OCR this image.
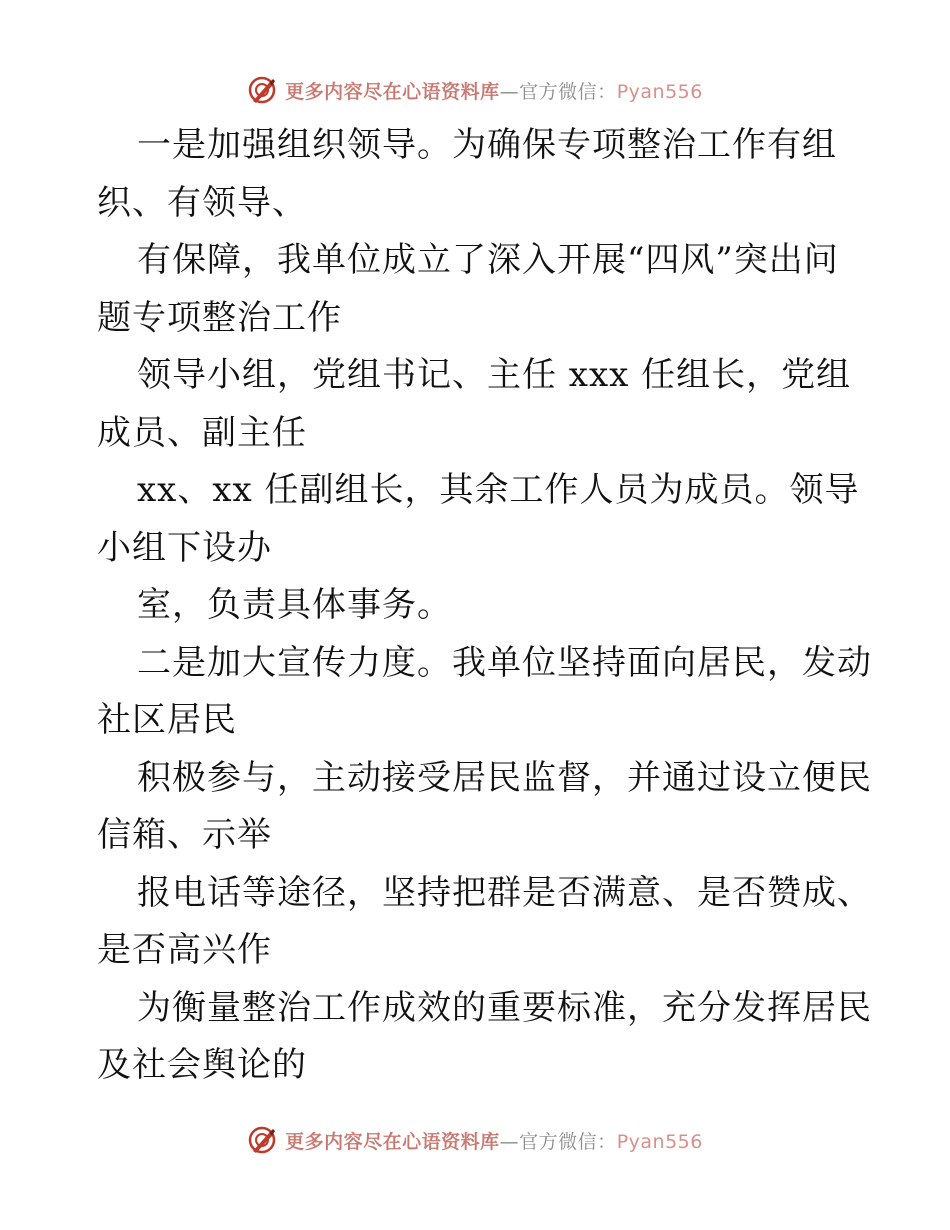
更多内容尽在心语资料库—官方微信：Pyan556
一是加强组织领导。为确保专项整治工作有组
织、有领导、
有保障，我单位成立了深入开展“四风”突出问
题专项整治工作
领导小组，党组书记、主任 xxx 任组长，党组
成员、副主任
xx、xx 任副组长，其余工作人员为成员。领导
小组下设办
室，负责具体事务。
二是加大宣传力度。我单位坚持面向居民，发动
社区居民
积极参与，主动接受居民监督，并通过设立便民
信箱、示举
报电话等途径，坚持把群是否满意、是否赞成、
是否高兴作
为衡量整治工作成效的重要标准，充分发挥居民
及社会舆论的
更多内容尽在心语资料库—官方微信：Pyan556
